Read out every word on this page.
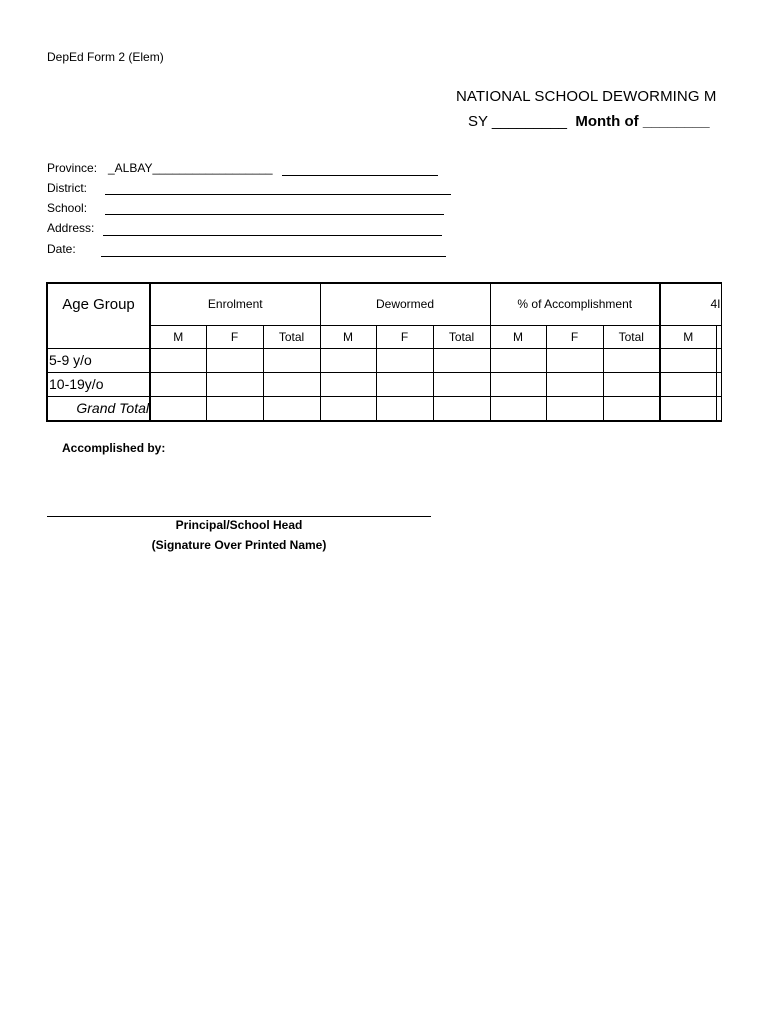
DepEd Form 2 (Elem)
NATIONAL SCHOOL DEWORMING M
SY _________ Month of ________
Province: _ALBAY__________________
District:
School:
Address:
Date:
Age Group	Enrolment			Dewormed			% of Accomplishment			4I	
	M	F	Total	M	F	Total	M	F	Total	M	
5-9 y/o											
10-19y/o											
Grand Total											
Accomplished by:
Principal/School Head
(Signature Over Printed Name)
